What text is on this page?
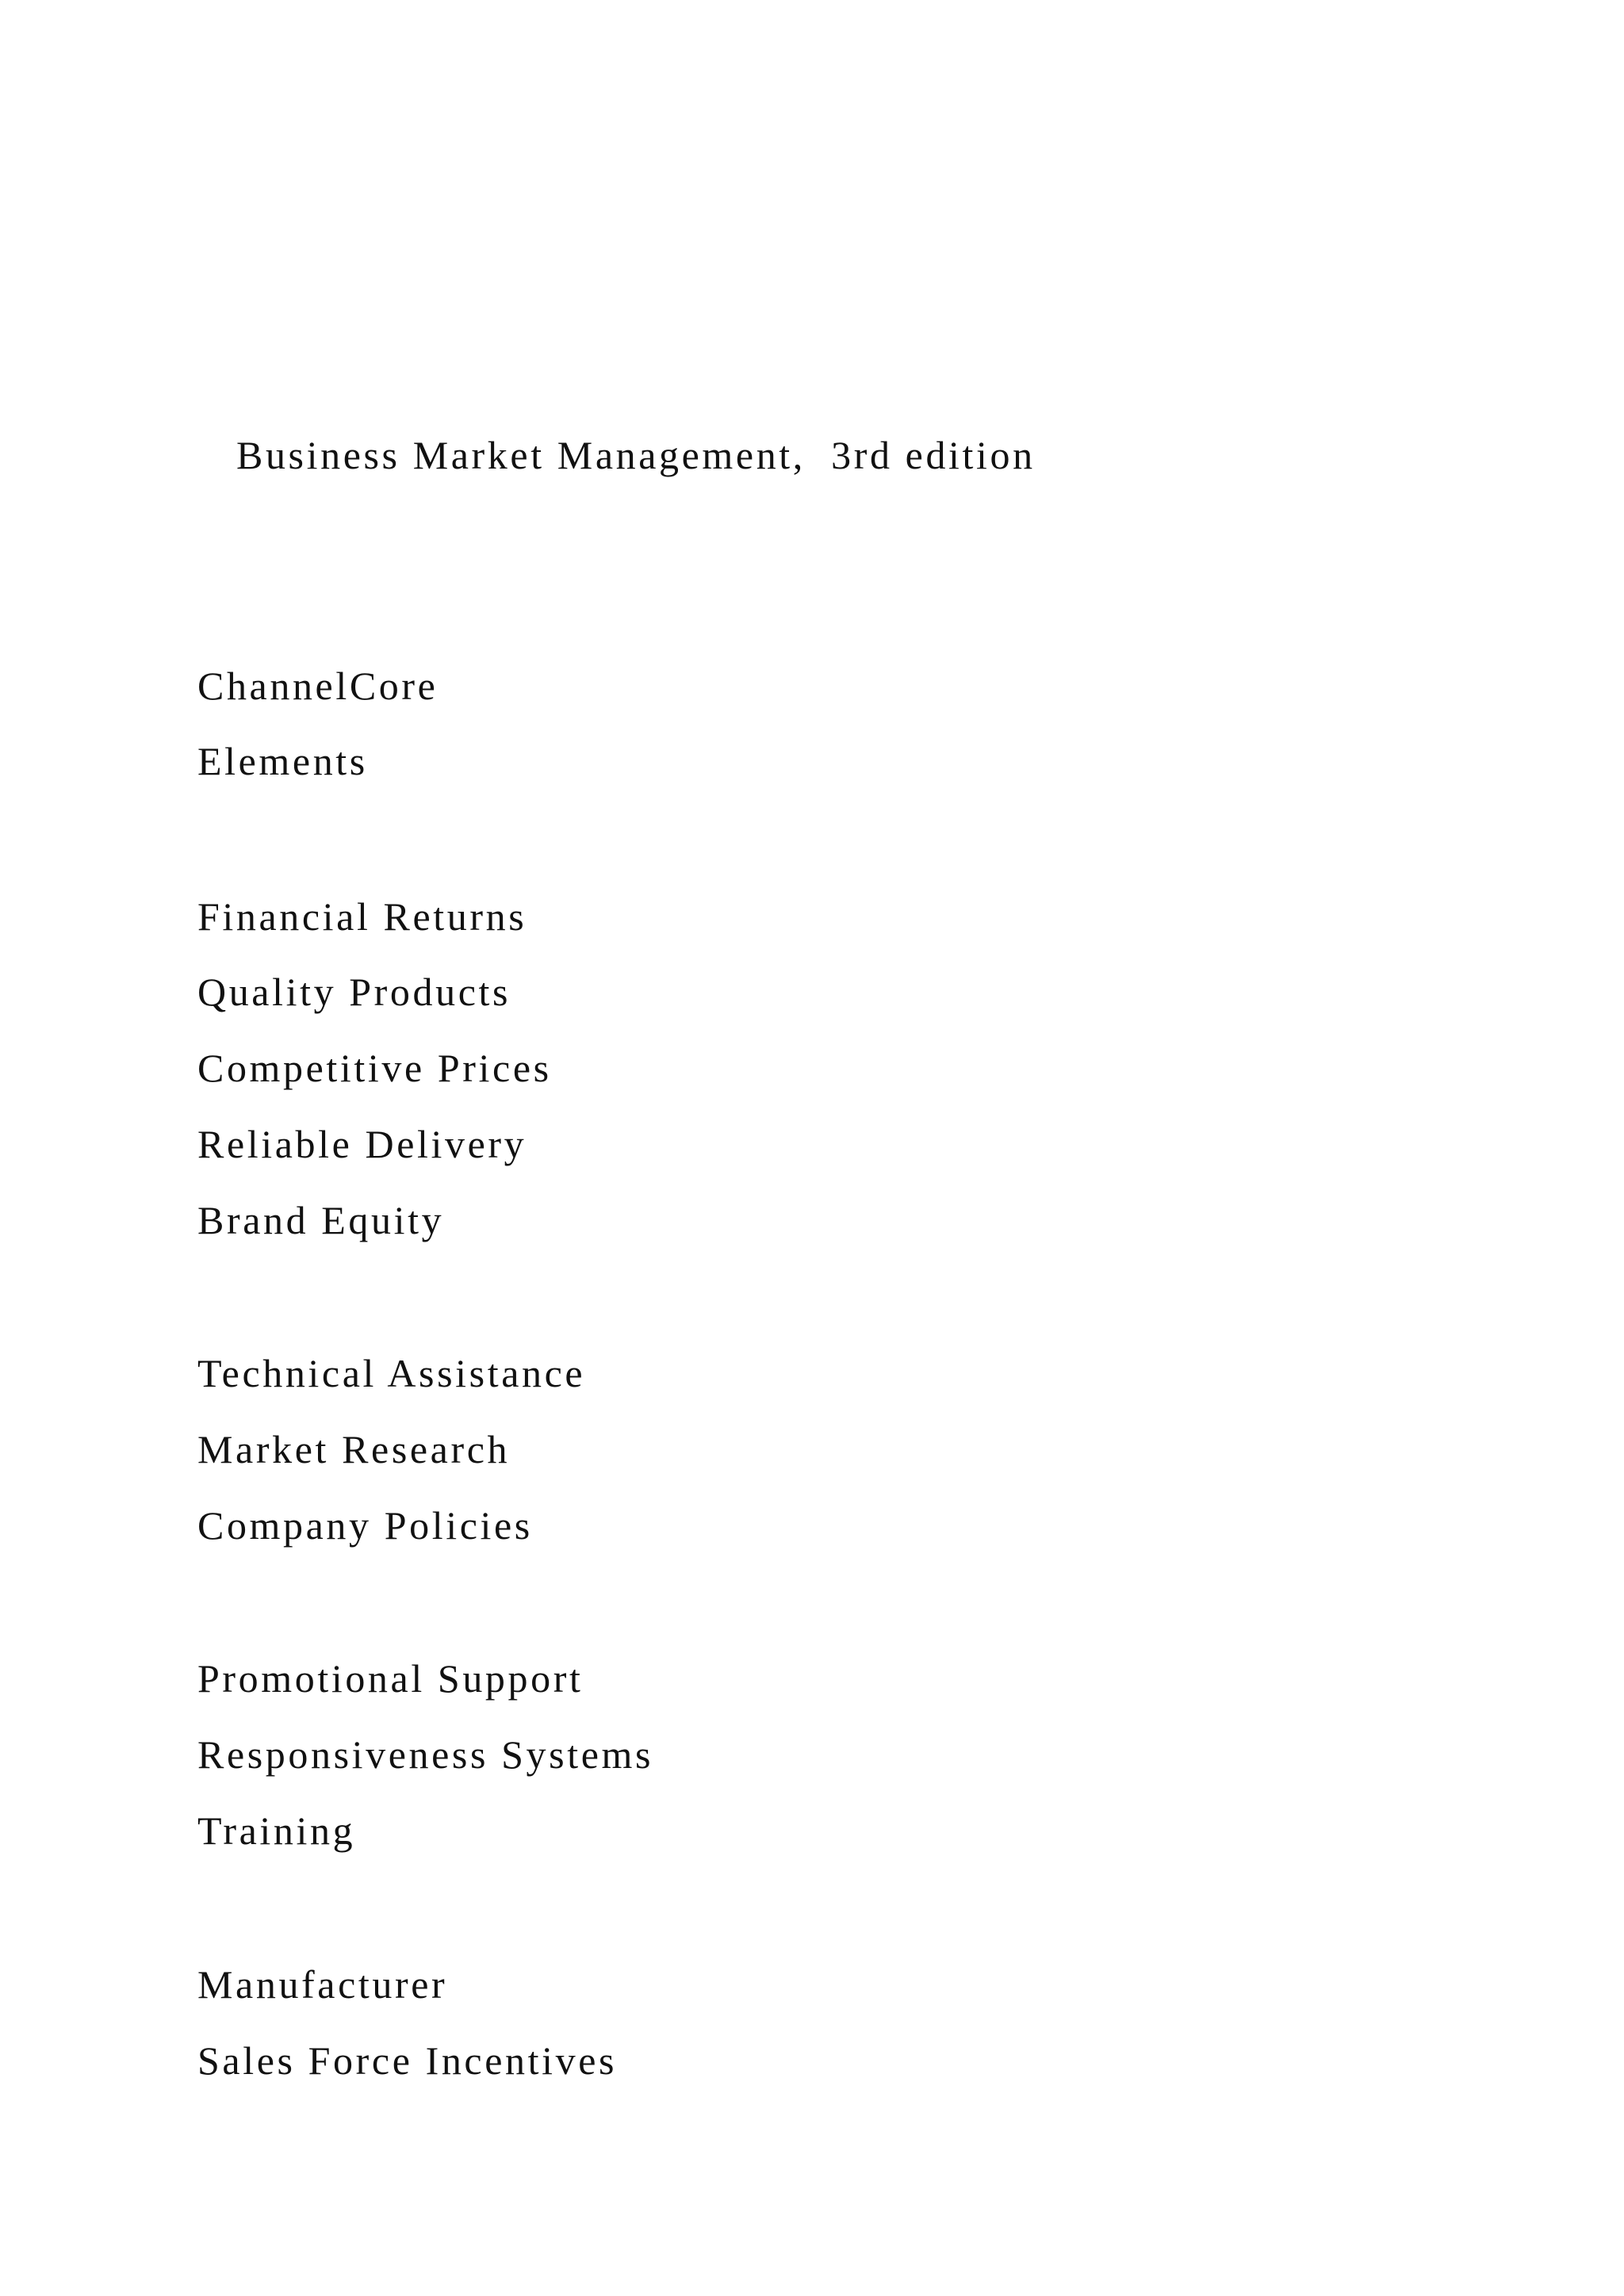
Business Market Management,  3rd edition
ChannelCore
Elements
Financial Returns
Quality Products
Competitive Prices
Reliable Delivery
Brand Equity
Technical Assistance
Market Research
Company Policies
Promotional Support
Responsiveness Systems
Training
Manufacturer
Sales Force Incentives
